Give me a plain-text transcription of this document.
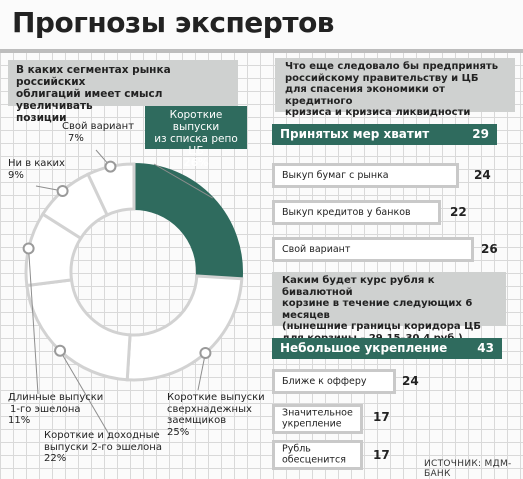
Прогнозы экспертов
В каких сегментах рынка российских
облигаций имеет смысл увеличивать
позиции	Короткие выпуски
из списка репо ЦБ
26%
Свой вариант
7%
Ни в каких
9%
Длинные выпуски
1-го эшелона
11%
Короткие и доходные
выпуски 2-го эшелона
22%
Короткие выпуски
сверхнадежных
заемщиков
25%
Что еще следовало бы предпринять
российскому правительству и ЦБ
для спасения экономики от кредитного
кризиса и кризиса ликвидности
Принятых мер хватит	29
Выкуп бумаг с рынка	24
Выкуп кредитов у банков	22
Свой вариант	26
Каким будет курс рубля к бивалютной
корзине в течение следующих 6 месяцев
(нынешние границы коридора ЦБ
Небольшое укрепление	43
Ближе к офферу	24
Значительное
укрепление	17
Рубль
обесценится 17
ИСТОЧНИК: МДМ-БАНК
